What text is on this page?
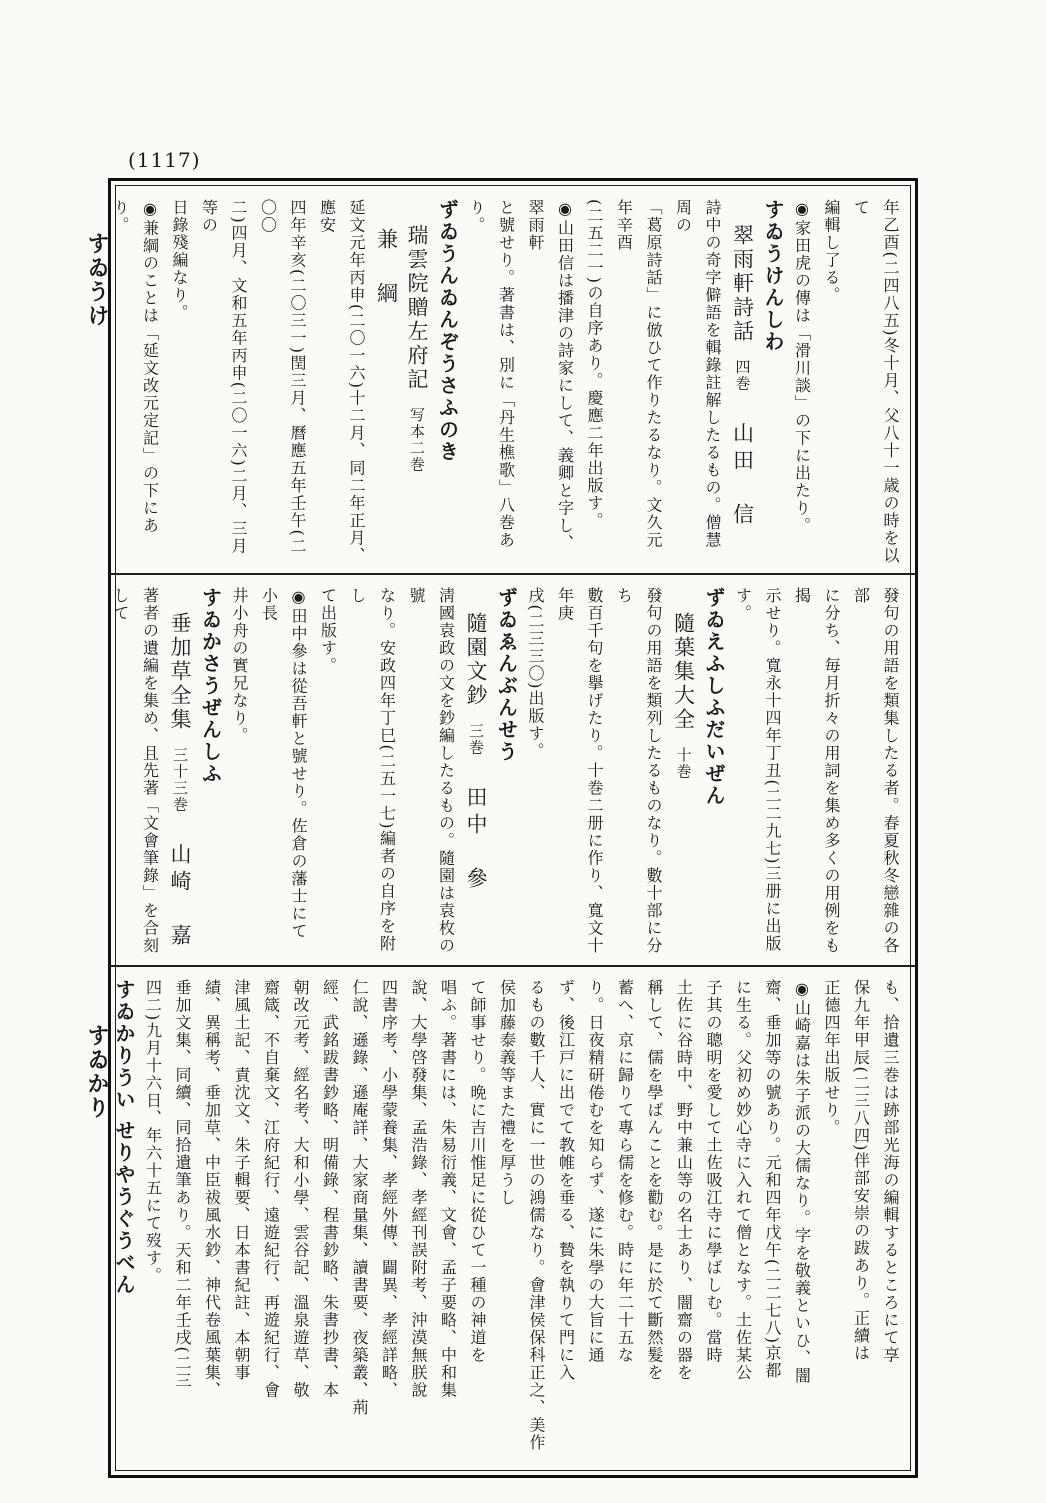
(1117)
すゐうけ
すゐかり

年乙酉(二四八五)冬十月、父八十一歳の時を以て

編輯し了る。

◉家田虎の傳は「滑川談」の下に出たり。

すゐうけんしわ

翠雨軒詩話四巻山田　信

詩中の奇字僻語を輯錄註解したるもの。僧慧周の

「葛原詩話」に倣ひて作りたるなり。文久元年辛酉

(二五二一)の自序あり。慶應二年出版す。

◉山田信は播津の詩家にして、義卿と字し、翠雨軒

と號せり。著書は、別に「丹生樵歌」八巻あり。

ずゐうんゐんぞうさふのき

瑞雲院贈左府記写本二巻兼　綱

延文元年丙申(二〇一六)十二月、同二年正月、應安

四年辛亥(二〇三一)閏三月、曆應五年壬午(二〇〇

二)四月、文和五年丙申(二〇一六)二月、三月等の

日錄殘編なり。

◉兼綱のことは「延文改元定記」の下にあり。

發句の用語を類集したる者。春夏秋冬戀雜の各部

に分ち、毎月折々の用詞を集め多くの用例をも揭

示せり。寬永十四年丁丑(二二九七)三册に出版す。

ずゐえふしふだいぜん

隨葉集大全十巻

發句の用語を類列したるものなり。數十部に分ち

數百千句を擧げたり。十巻二册に作り、寬文十年庚

戌(二三三〇)出版す。

ずゐゑんぶんせう

隨園文鈔三巻田中　參

淸國袁政の文を鈔編したるもの。隨園は袁枚の號

なり。安政四年丁巳(二五一七)編者の自序を附し

て出版す。

◉田中參は從吾軒と號せり。佐倉の藩士にて小長

井小舟の實兄なり。

すゐかさうぜんしふ

垂加草全集三十三巻山崎　嘉

著者の遺編を集め、且先著「文會筆錄」を合刻して

も、拾遺三巻は跡部光海の編輯するところにて享

保九年甲辰(二三八四)伴部安崇の跋あり。正續は

正德四年出版せり。

◉山崎嘉は朱子派の大儒なり。字を敬義といひ、闇

齋、垂加等の號あり。元和四年戊午(二二七八)京都

に生る。父初め妙心寺に入れて僧となす。土佐某公

子其の聰明を愛して土佐吸江寺に學ばしむ。當時

土佐に谷時中、野中兼山等の名士あり、闇齋の器を

稱して、儒を學ばんことを勸む。是に於て斷然髮を

蓄へ、京に歸りて專ら儒を修む。時に年二十五な

り。日夜精研倦むを知らず、遂に朱學の大旨に通

ず、後江戸に出でて教帷を垂る、贄を執りて門に入

るもの數千人、實に一世の鴻儒なり。會津侯保科正之、美作侯加藤泰義等また禮を厚うし

て師事せり。晩に吉川惟足に從ひて一種の神道を

唱ふ。著書には、朱易衍義、文會、孟子要略、中和集

說、大學啓發集、孟浩錄、孝經刊誤附考、沖漠無朕說

四書序考、小學蒙養集、孝經外傳、闢異、孝經詳略、

仁說、遜錄、遜庵詳、大家商量集、讀書要、夜築叢、荊

經、武銘跋書鈔略、明備錄、程書鈔略、朱書抄書、本

朝改元考、經名考、大和小學、雲谷記、溫泉遊草、敬

齋箴、不自棄文、江府紀行、遠遊紀行、再遊紀行、會

津風土記、責沈文、朱子輯要、日本書紀註、本朝事

績、異稱考、垂加草、中臣祓風水鈔、神代卷風葉集、

垂加文集、同續、同拾遺筆あり。天和二年壬戌(二三

四二)九月十六日、年六十五にて歿す。

すゐかりうい せりやうぐうべん
